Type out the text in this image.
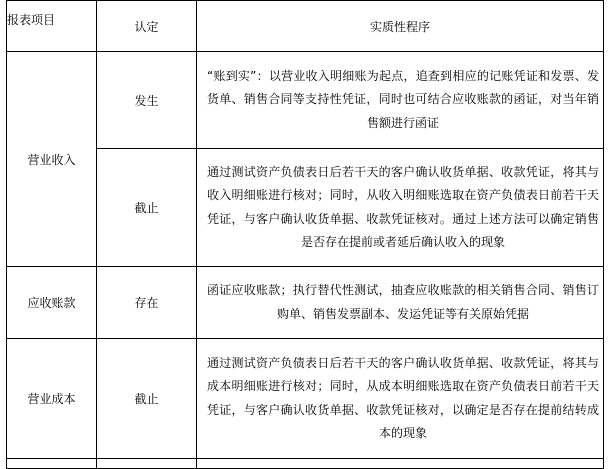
报表项目	认定	实质性程序
营业收入	发生	“账到实”：以营业收入明细账为起点，追查到相应的记账凭证和发票、发货单、销售合同等支持性凭证，同时也可结合应收账款的函证，对当年销售额进行函证

	截止	通过测试资产负债表日后若干天的客户确认收货单据、收款凭证，将其与收入明细账进行核对；同时，从收入明细账选取在资产负债表日前若干天凭证，与客户确认收货单据、收款凭证核对。通过上述方法可以确定销售是否存在提前或者延后确认收入的现象

应收账款	存在	函证应收账款；执行替代性测试，抽查应收账款的相关销售合同、销售订购单、销售发票副本、发运凭证等有关原始凭据

营业成本	截止	通过测试资产负债表日后若干天的客户确认收货单据、收款凭证，将其与成本明细账进行核对；同时，从成本明细账选取在资产负债表日前若干天凭证，与客户确认收货单据、收款凭证核对，以确定是否存在提前结转成本的现象
